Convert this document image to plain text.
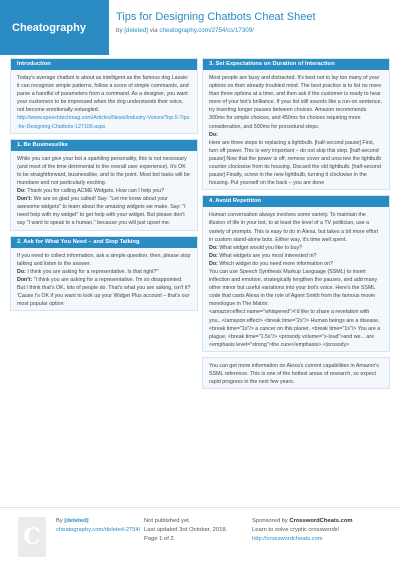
Cheatography
Tips for Designing Chatbots Cheat Sheet
by [deleted] via cheatography.com/2754/cs/17309/
Introduction

Today's average chatbot is about as intelligent as the famous dog Lassie: it can recognize simple patterns, follow a score of simple commands, and parse a handful of parameters from a command. As a designer, you want your customers to be impressed when the dog understands their voice, not become emotionally entangled.

http://www.speechtechmag.com/Articles/News/Industry-Voices/Top-5-Tips-for-Designing-Chatbots-127109.aspx

1. Be Businesslike

While you can give your bot a sparkling personality, this is not necessary (and most of the time detrimental to the overall user experience). It's OK to be straightforward, businesslike, and to the point. Most bot tasks will be mundane and not particularly exciting.

Do: Thank you for calling ACME Widgets. How can I help you?

Don't: We are so glad you called! Say: "Let me know about your awesome widgets" to learn about the amazing widgets we make. Say: "I need help with my widget" to get help with your widget. But please don't say "I want to speak to a human," because you will just upset me.

2. Ask for What You Need – and Stop Talking

If you need to collect information, ask a simple question, then, please stop talking and listen to the answer.

Do: I think you are asking for a representative. Is that right?"

Don't: "I think you are asking for a representative. I'm so disappointed. But I think that's OK, lots of people do. That's what you are asking, isn't it? 'Cause I's OK if you want to look up your Widget Plus account – that's our most popular option

3. Set Expectations on Duration of Interaction

Most people are busy and distracted. It's best not to lay too many of your options on their already troubled mind. The best practice is to list no more than three options at a time, and then ask if the customer is ready to hear more of your bot's brilliance. If your list still sounds like a run-on sentence, try inserting longer pauses between choices. Amazon recommends 300ms for simple choices, and 450ms for choices requiring more consideration, and 500ms for procedural steps.

Do:

Here are three steps to replacing a lightbulb. [half-second pause] First, turn off power. This is very important – do not skip this step. [half-second pause] Now that the power is off, remove cover and unscrew the lightbulb counter clockwise from its housing. Discard the old lightbulb. [half-second pause] Finally, screw in the new lightbulb, turning it clockwise in the housing. Put yourself on the back – you are done

4. Avoid Repetition

Human conversation always involves some variety. To maintain the illusion of life in your bot, to at least the level of a TV politician, use a variety of prompts. This is easy to do in Alexa, but takes a bit more effort in custom stand-alone bots. Either way, it's time well spent.

Do: What widget would you like to buy?

Do: What widgets are you most interested in?

Do: Which widget do you need more information on?

You can use Speech Synthesis Markup Language (SSML) to insert inflection and emotion, strategically lengthen the pauses, and add many other minor but useful variations into your bot's voice. Here's the SSML code that casts Alexa in the role of Agent Smith from the famous movie monologue in The Matrix:

<amazon:effect name="whispered">I'd like to share a revelation with you...</amazon:effect> <break time="2s"/> Human beings are a disease, <break time="1s"/> a cancer on this planet. <break time="1s"/> You are a plague, <break time="1.5s"/> <prosody volume="x-loud">and we... are <emphasis level="strong">the cure</emphasis>.</prosody>

You can get more information on Alexa's current capabilities in Amazon's SSML reference. This is one of the hottest areas of research, so expect rapid progress in the next few years.

C
By [deleted]
cheatography.com/deleted-2754/
Not published yet.
Last updated 3rd October, 2018.
Page 1 of 2.
Sponsored by CrosswordCheats.com
Learn to solve cryptic crosswords!
http://crosswordcheats.com
